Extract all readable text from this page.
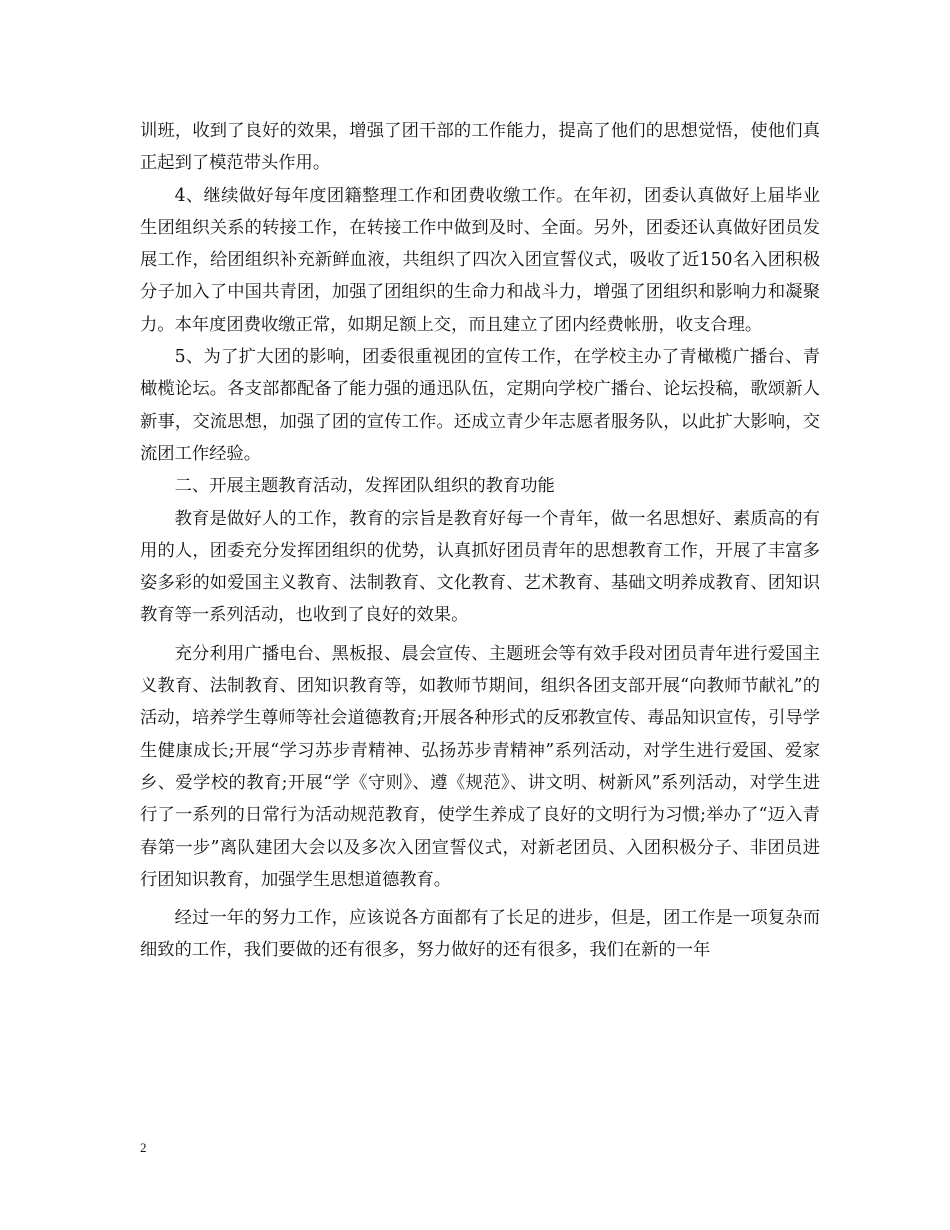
训班，收到了良好的效果，增强了团干部的工作能力，提高了他们的思想觉悟，使他们真正起到了模范带头作用。

4、继续做好每年度团籍整理工作和团费收缴工作。在年初，团委认真做好上届毕业生团组织关系的转接工作，在转接工作中做到及时、全面。另外，团委还认真做好团员发展工作，给团组织补充新鲜血液，共组织了四次入团宣誓仪式，吸收了近150名入团积极分子加入了中国共青团，加强了团组织的生命力和战斗力，增强了团组织和影响力和凝聚力。本年度团费收缴正常，如期足额上交，而且建立了团内经费帐册，收支合理。

5、为了扩大团的影响，团委很重视团的宣传工作，在学校主办了青橄榄广播台、青橄榄论坛。各支部都配备了能力强的通迅队伍，定期向学校广播台、论坛投稿，歌颂新人新事，交流思想，加强了团的宣传工作。还成立青少年志愿者服务队，以此扩大影响，交流团工作经验。

二、开展主题教育活动，发挥团队组织的教育功能

教育是做好人的工作，教育的宗旨是教育好每一个青年，做一名思想好、素质高的有用的人，团委充分发挥团组织的优势，认真抓好团员青年的思想教育工作，开展了丰富多姿多彩的如爱国主义教育、法制教育、文化教育、艺术教育、基础文明养成教育、团知识教育等一系列活动，也收到了良好的效果。

充分利用广播电台、黑板报、晨会宣传、主题班会等有效手段对团员青年进行爱国主义教育、法制教育、团知识教育等，如教师节期间，组织各团支部开展“向教师节献礼”的活动，培养学生尊师等社会道德教育;开展各种形式的反邪教宣传、毒品知识宣传，引导学生健康成长;开展“学习苏步青精神、弘扬苏步青精神”系列活动，对学生进行爱国、爱家乡、爱学校的教育;开展“学《守则》、遵《规范》、讲文明、树新风”系列活动，对学生进行了一系列的日常行为活动规范教育，使学生养成了良好的文明行为习惯;举办了“迈入青春第一步”离队建团大会以及多次入团宣誓仪式，对新老团员、入团积极分子、非团员进行团知识教育，加强学生思想道德教育。

经过一年的努力工作，应该说各方面都有了长足的进步，但是，团工作是一项复杂而细致的工作，我们要做的还有很多，努力做好的还有很多，我们在新的一年

2
